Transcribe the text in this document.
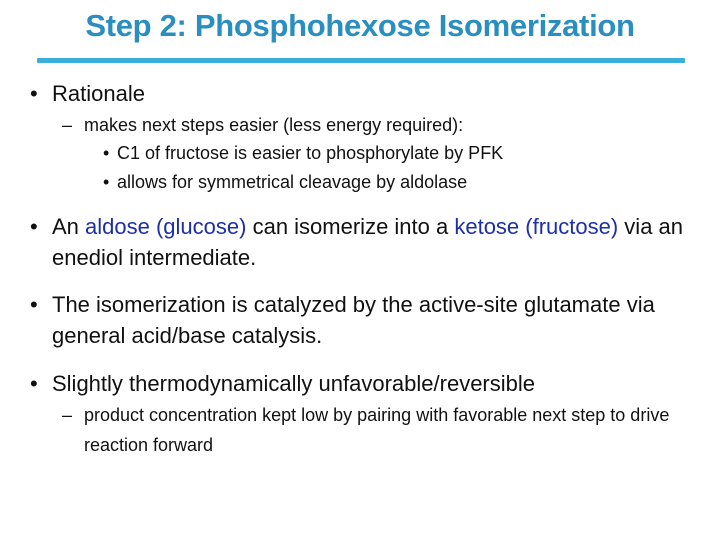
Step 2: Phosphohexose Isomerization
• Rationale
– makes next steps easier (less energy required):
• C1 of fructose is easier to phosphorylate by PFK
• allows for symmetrical cleavage by aldolase
• An aldose (glucose) can isomerize into a ketose (fructose) via an enediol intermediate.
• The isomerization is catalyzed by the active-site glutamate via general acid/base catalysis.
• Slightly thermodynamically unfavorable/reversible
– product concentration kept low by pairing with favorable next step to drive reaction forward
